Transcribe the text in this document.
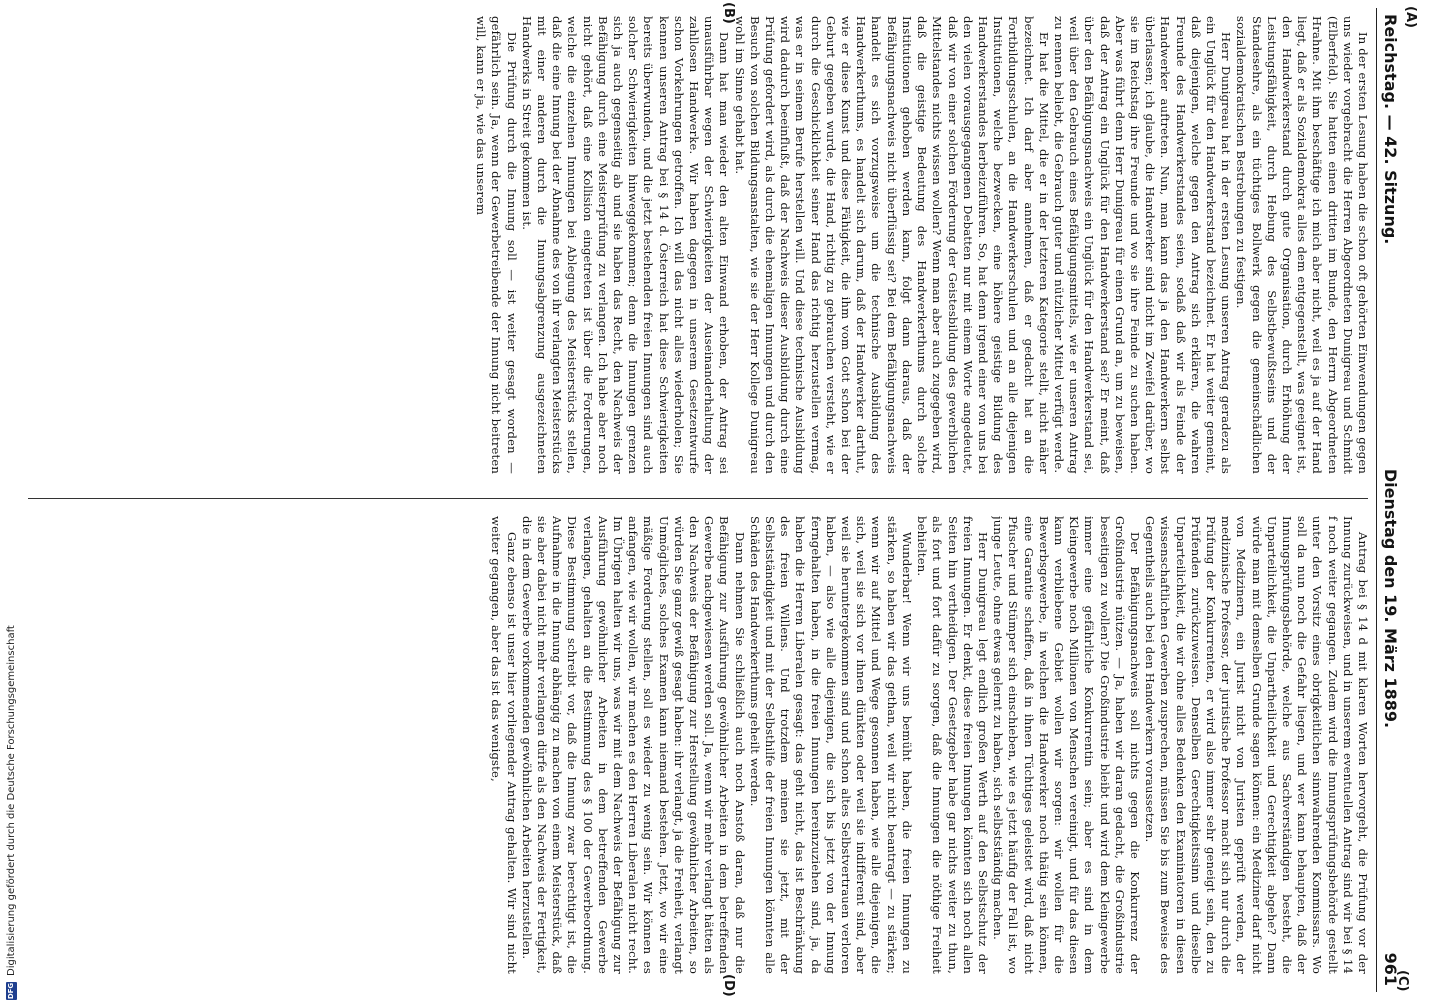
Reichstag. — 42. Sitzung.
Dienstag den 19. März 1889.
961
(A)
(B)
(C)
(D)

In der ersten Lesung haben die schon oft gehörten Einwendungen gegen uns wieder vorgebracht die Herren Abgeordneten Dunigreau und Schmidt (Elberfeld). Sie hatten einen dritten im Bunde, den Herrn Abgeordneten Hrahne. Mit ihm beschäftige ich mich aber nicht, weil es ja auf der Hand liegt, daß er als Sozialdemokrat alles dem entgegenstellt, was geeignet ist, den Handwerkerstand durch gute Organisation, durch Erhöhung der Leistungsfähigkeit, durch Hebung des Selbstbewußtseins und der Standesehre, als ein tüchtiges Bollwerk gegen die gemeinschädlichen sozialdemokratischen Bestrebungen zu festigen.

Herr Dunigreau hat in der ersten Lesung unseren Antrag geradezu als ein Unglück für den Handwerkerstand bezeichnet. Er hat weiter gemeint, daß diejenigen, welche gegen den Antrag sich erklären, die wahren Freunde des Handwerkerstandes seien, sodaß daß wir als Feinde der Handwerker auftreten. Nun, man kann das ja den Handwerkern selbst überlassen; ich glaube, die Handwerker sind nicht im Zweifel darüber, wo sie im Reichstag ihre Freunde und wo sie ihre Feinde zu suchen haben. Aber was führt denn Herr Dunigreau für einen Grund an, um zu beweisen, daß der Antrag ein Unglück für den Handwerkerstand sei? Er meint, daß über den Befähigungsnachweis ein Unglück für den Handwerkerstand sei, weil über den Gebrauch eines Befähigungsmittels, wie er unseren Antrag zu nennen beliebt, die Gebrauch guter und nützlicher Mittel verfügt werde.

Er hat die Mittel, die er in der letzteren Kategorie stellt, nicht näher bezeichnet. Ich darf aber annehmen, daß er gedacht hat an die Fortbildungsschulen, an die Handwerkerschulen und an alle diejenigen Institutionen, welche bezwecken, eine höhere geistige Bildung des Handwerkerstandes herbeizuführen. So, hat denn irgend einer von uns bei den vielen vorausgegangenen Debatten nur mit einem Worte angedeutet, daß wir von einer solchen Förderung der Geistesbildung des gewerblichen Mittelstandes nichts wissen wollen? Wenn man aber auch zugegeben wird, daß die geistige Bedeutung des Handwerkerthums durch solche Institutionen gehoben werden kann, folgt dann daraus, daß der Befähigungsnachweis nicht überflüssig sei? Bei dem Befähigungsnachweis handelt es sich vorzugsweise um die technische Ausbildung des Handwerkerthums, es handelt sich darum, daß der Handwerker darthut, wie er diese Kunst und diese Fähigkeit, die ihm vom Gott schon bei der Geburt gegeben wurde, die Hand, richtig zu gebrauchen versteht, wie er durch die Geschicklichkeit seiner Hand das richtig herzustellen vermag, was er in seinem Berufe herstellen will. Und diese technische Ausbildung wird dadurch beeinflußt, daß der Nachweis dieser Ausbildung durch eine Prüfung gefordert wird, als durch die ehemaligen Innungen und durch den Besuch von solchen Bildungsanstalten, wie sie der Herr Kollege Dunigreau wohl im Sinne gehabt hat.

Dann hat man wieder den alten Einwand erhoben, der Antrag sei unausführbar wegen der Schwierigkeiten der Auseinanderhaltung der zahllosen Handwerke. Wir haben dagegen in unserem Gesetzentwurfe schon Vorkehrungen getroffen. Ich will das nicht alles wiederholen; Sie kennen unseren Antrag bei § 14 d. Österreich hat diese Schwierigkeiten bereits überwunden, und die jetzt bestehenden freien Innungen sind auch solcher Schwierigkeiten hinweggekommen; denn die Innungen grenzen sich ja auch gegenseitig ab und sie haben das Recht, den Nachweis der Befähigung durch eine Meisterprüfung zu verlangen. Ich habe aber noch nicht gehört, daß eine Kollision eingetreten ist über die Forderungen, welche die einzelnen Innungen bei Ablegung des Meisterstücks stellen, daß die eine Innung bei der Abnahme des von ihr verlangten Meisterstücks mit einer anderen durch die Innungsabgrenzung ausgezeichneten Handwerks in Streit gekommen ist.

Die Prüfung durch die Innung soll — ist weiter gesagt worden — gefährlich sein. Ja, wenn der Gewerbetreibende der Innung nicht beitreten will, kann er ja, wie das unserem

Antrag bei § 14 d mit klaren Worten hervorgeht, die Prüfung vor der Innung zurückweisen, und in unserem eventuellen Antrag sind wir bei § 14 f noch weiter gegangen. Zudem wird die Innungsprüfungsbehörde gestellt unter den Vorsitz eines obrigkeitlichen sinnwahrenden Kommissars. Wo soll da nun noch die Gefahr liegen, und wer kann behaupten, daß der Innungsprüfungsbehörde, welche aus Sachverständigen besteht, die Unparteilichkeit, die Unpartheilichkeit und Gerechtigkeit abgehe? Dann würde man mit demselben Grunde sagen können: ein Mediziner darf nicht von Medizinern, ein Jurist nicht von Juristen geprüft werden, der medizinische Professor, der juristische Professor macht sich nur durch die Prüfung der Konkurrenten, er wird also immer sehr geneigt sein, den zu Prüfenden zurückzuweisen. Denselben Gerechtigkeitssinn und dieselbe Unparteilichkeit, die wir ohne alles Bedenken den Examinatoren in diesen wissenschaftlichen Gewerben zusprechen, müssen Sie bis zum Beweise des Gegentheils auch bei den Handwerkern voraussetzen.

Der Befähigungsnachweis soll nichts gegen die Konkurrenz der Großindustrie nützen. — Ja, haben wir daran gedacht, die Großindustrie beseitigen zu wollen? Die Großindustrie bleibt und wird dem Kleingewerbe immer eine gefährliche Konkurrentin sein; aber es sind in dem Kleingewerbe noch Millionen von Menschen vereinigt, und für das diesen kann verbliebene Gebiet wollen wir sorgen: wir wollen für die Bewerbsgewerbe, in welchen die Handwerker noch thätig sein können, eine Garantie schaffen, daß in ihnen Tüchtiges geleistet wird, daß nicht Pfuscher und Stümper sich einschieben, wie es jetzt häufig der Fall ist, wo junge Leute, ohne etwas gelernt zu haben, sich selbstständig machen.

Herr Dunigreau legt endlich großen Werth auf den Selbstschutz der freien Innungen. Er denkt, diese freien Innungen könnten sich noch allen Seiten hin vertheidigen. Der Gesetzgeber habe gar nichts weiter zu thun, als fort und fort dafür zu sorgen, daß die Innungen die nöthige Freiheit behielten.

Wunderbar! Wenn wir uns bemüht haben, die freien Innungen zu stärken, so haben wir das gethan, weil wir nicht beantragt — zu stärken; wenn wir auf Mittel und Wege gesonnen haben, wie alle diejenigen, die sich, weil sie sich vor ihnen dünkten oder weil sie indifferent sind, aber weil sie heruntergekommen sind und schon altes Selbstvertrauen verloren haben, — also wie alle diejenigen, die sich bis jetzt von der Innung ferngehalten haben, in die freien Innungen hereinzuziehen sind, ja, da haben die Herren Liberalen gesagt: das geht nicht, das ist Beschränkung des freien Willens. Und trotzdem meinen sie jetzt, mit der Selbstständigkeit und mit der Selbsthilfe der freien Innungen könnten alle Schäden des Handwerkerthums geheilt werden.

Dann nehmen Sie schließlich auch noch Anstoß daran, daß nur die Befähigung zur Ausführung gewöhnlicher Arbeiten in dem betreffenden Gewerbe nachgewiesen werden soll. Ja, wenn wir mehr verlangt hätten als den Nachweis der Befähigung zur Herstellung gewöhnlicher Arbeiten, so würden Sie ganz gewiß gesagt haben: ihr verlangt, ja die Freiheit, verlangt Unmögliches, solches Examen kann niemand bestehen. Jetzt, wo wir eine mäßige Forderung stellen, soll es wieder zu wenig sein. Wir können es anfangen, wie wir wollen, wir machen es den Herren Liberalen nicht recht. Im Übrigen halten wir uns, was wir mit dem Nachweis der Befähigung zur Ausführung gewöhnlicher Arbeiten in dem betreffenden Gewerbe verlangen, gehalten an die Bestimmung des § 100 der Gewerbeordnung. Diese Bestimmung schreibt vor, daß die Innung zwar berechtigt ist, die Aufnahme in die Innung abhängig zu machen von einem Meisterstück, daß sie aber dabei nicht mehr verlangen dürfe als den Nachweis der Fertigkeit, die in dem Gewerbe vorkommenden gewöhnlichen Arbeiten herzustellen.

Ganz ebenso ist unser hier vorliegender Antrag gehalten. Wir sind nicht weiter gegangen, aber das ist das wenigste,

DFG
Digitalisierung gefördert durch die Deutsche Forschungsgemeinschaft
